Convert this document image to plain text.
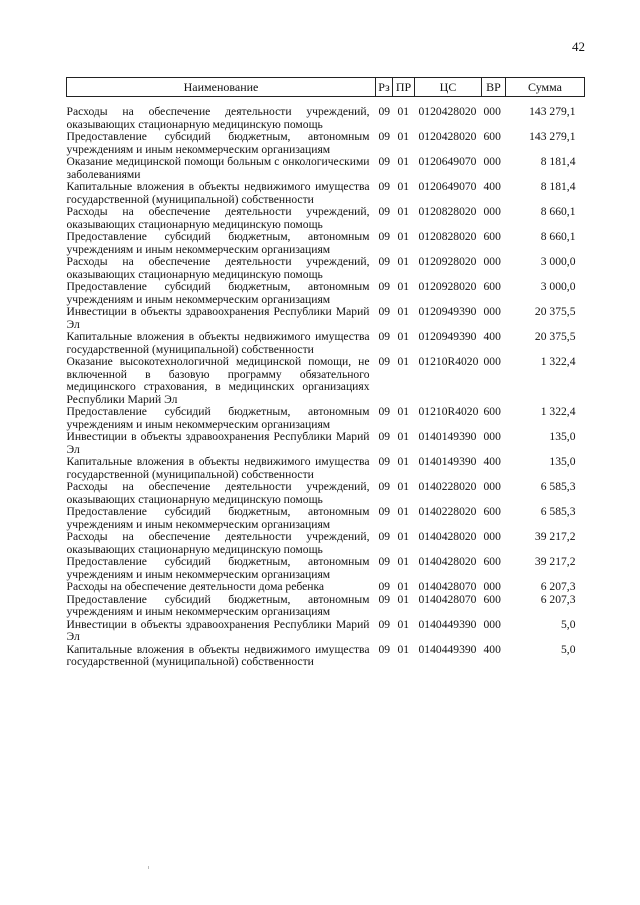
42
Наименование	Рз	ПР	ЦС	ВР	Сумма
Расходы на обеспечение деятельности учреждений, оказывающих стационарную медицинскую помощь	09	01	0120428020	000	143 279,1
Предоставление субсидий бюджетным, автономным учреждениям и иным некоммерческим организациям	09	01	0120428020	600	143 279,1
Оказание медицинской помощи больным с онкологическими заболеваниями	09	01	0120649070	000	8 181,4
Капитальные вложения в объекты недвижимого имущества государственной (муниципальной) собственности	09	01	0120649070	400	8 181,4
Расходы на обеспечение деятельности учреждений, оказывающих стационарную медицинскую помощь	09	01	0120828020	000	8 660,1
Предоставление субсидий бюджетным, автономным учреждениям и иным некоммерческим организациям	09	01	0120828020	600	8 660,1
Расходы на обеспечение деятельности учреждений, оказывающих стационарную медицинскую помощь	09	01	0120928020	000	3 000,0
Предоставление субсидий бюджетным, автономным учреждениям и иным некоммерческим организациям	09	01	0120928020	600	3 000,0
Инвестиции в объекты здравоохранения Республики Марий Эл	09	01	0120949390	000	20 375,5
Капитальные вложения в объекты недвижимого имущества государственной (муниципальной) собственности	09	01	0120949390	400	20 375,5
Оказание высокотехнологичной медицинской помощи, не включенной в базовую программу обязательного медицинского страхования, в медицинских организациях Республики Марий Эл	09	01	01210R4020	000	1 322,4
Предоставление субсидий бюджетным, автономным учреждениям и иным некоммерческим организациям	09	01	01210R4020	600	1 322,4
Инвестиции в объекты здравоохранения Республики Марий Эл	09	01	0140149390	000	135,0
Капитальные вложения в объекты недвижимого имущества государственной (муниципальной) собственности	09	01	0140149390	400	135,0
Расходы на обеспечение деятельности учреждений, оказывающих стационарную медицинскую помощь	09	01	0140228020	000	6 585,3
Предоставление субсидий бюджетным, автономным учреждениям и иным некоммерческим организациям	09	01	0140228020	600	6 585,3
Расходы на обеспечение деятельности учреждений, оказывающих стационарную медицинскую помощь	09	01	0140428020	000	39 217,2
Предоставление субсидий бюджетным, автономным учреждениям и иным некоммерческим организациям	09	01	0140428020	600	39 217,2
Расходы на обеспечение деятельности дома ребенка	09	01	0140428070	000	6 207,3
Предоставление субсидий бюджетным, автономным учреждениям и иным некоммерческим организациям	09	01	0140428070	600	6 207,3
Инвестиции в объекты здравоохранения Республики Марий Эл	09	01	0140449390	000	5,0
Капитальные вложения в объекты недвижимого имущества государственной (муниципальной) собственности	09	01	0140449390	400	5,0
